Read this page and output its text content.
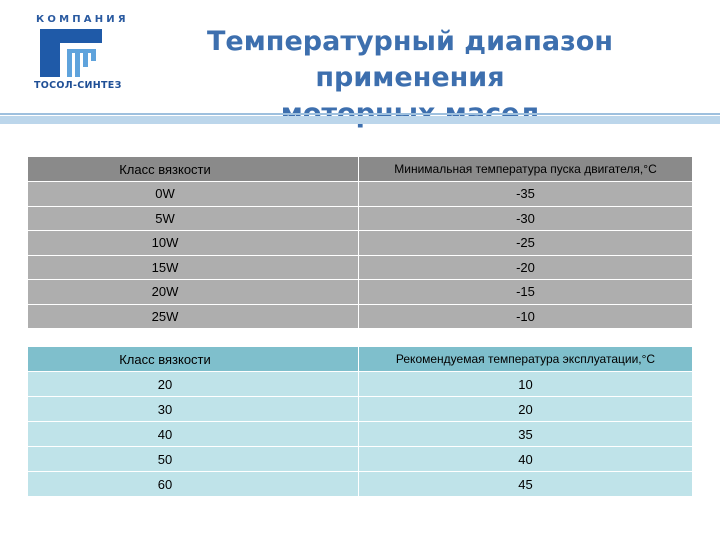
КОМПАНИЯ
ТОСОЛ-СИНТЕЗ
Температурный диапазон применения
Класс вязкости	Минимальная температура пуска двигателя,°С
0W	-35
5W	-30
10W	-25
15W	-20
20W	-15
25W	-10
Класс вязкости	Рекомендуемая температура эксплуатации,°С
20	10
30	20
40	35
50	40
60	45
